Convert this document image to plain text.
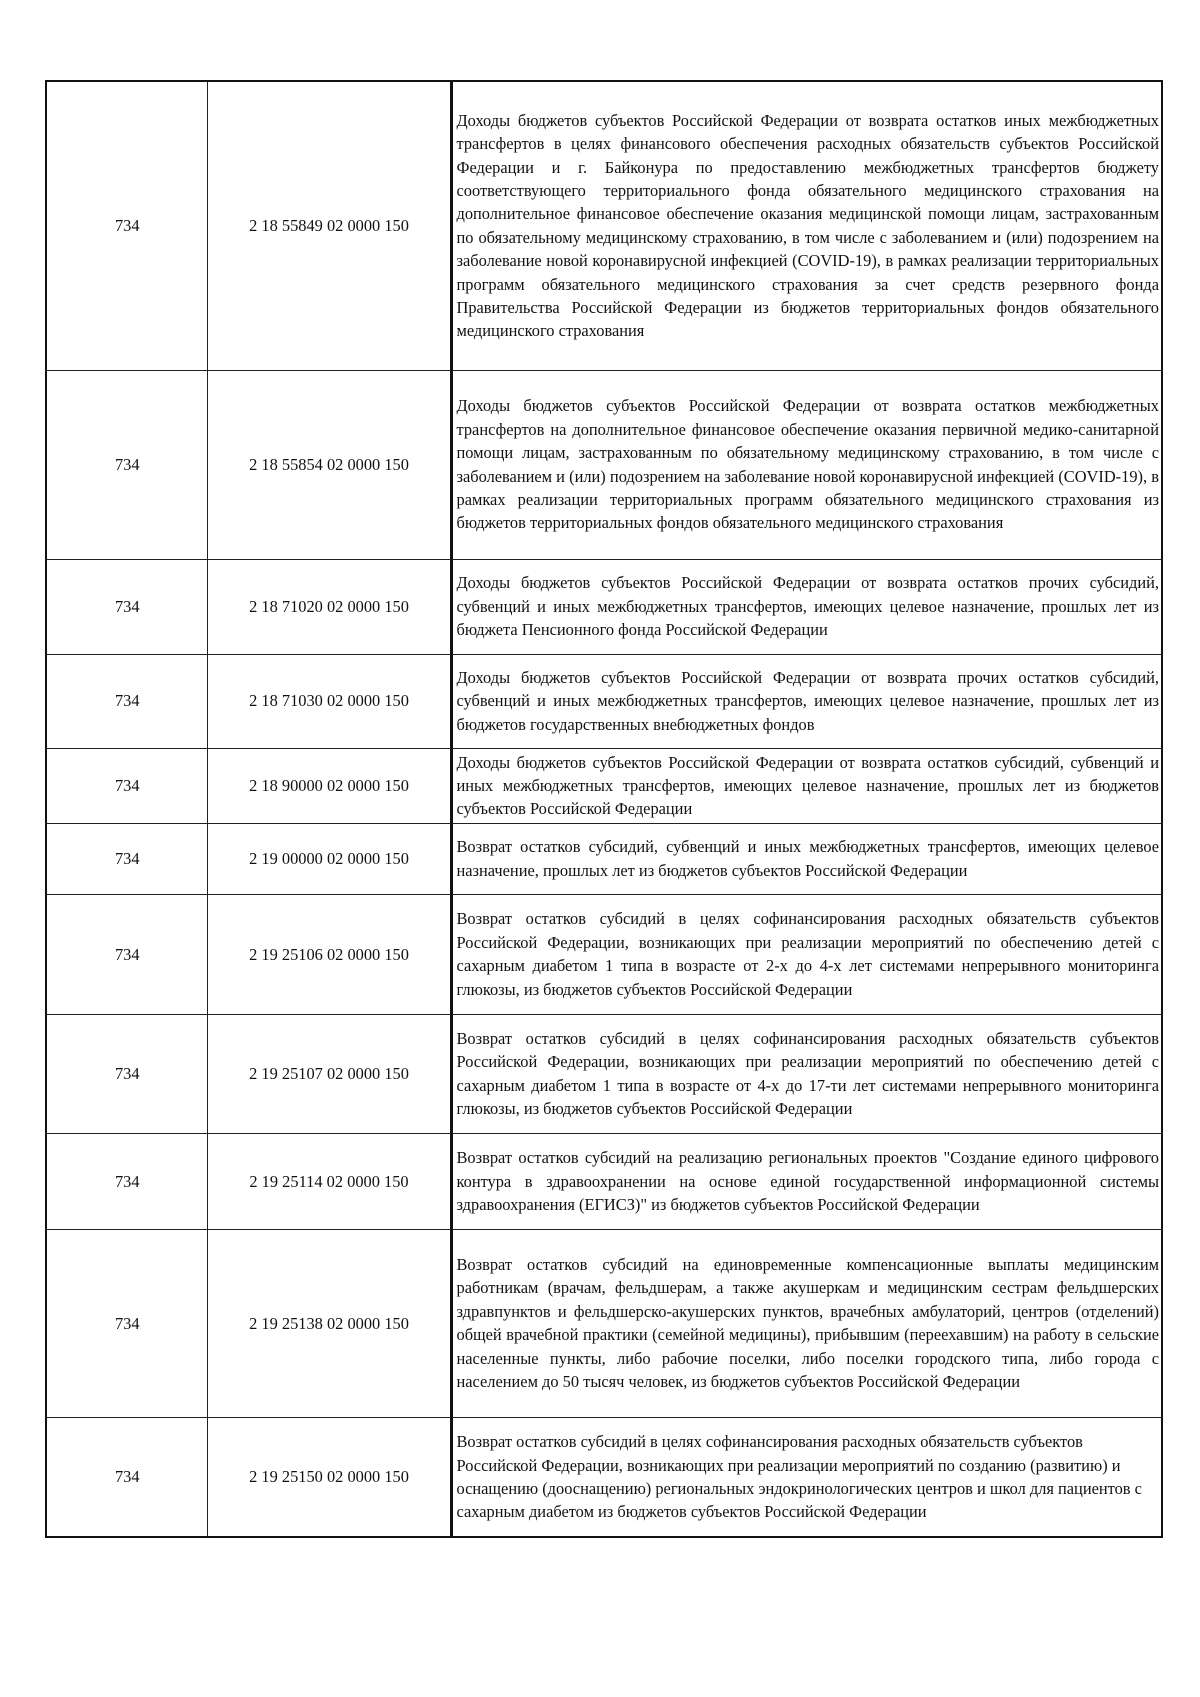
734	2 18 55849 02 0000 150	Доходы бюджетов субъектов Российской Федерации от возврата остатков иных межбюджетных трансфертов в целях финансового обеспечения расходных обязательств субъектов Российской Федерации и г. Байконура по предоставлению межбюджетных трансфертов бюджету соответствующего территориального фонда обязательного медицинского страхования на дополнительное финансовое обеспечение оказания медицинской помощи лицам, застрахованным по обязательному медицинскому страхованию, в том числе с заболеванием и (или) подозрением на заболевание новой коронавирусной инфекцией (COVID-19), в рамках реализации территориальных программ обязательного медицинского страхования за счет средств резервного фонда Правительства Российской Федерации из бюджетов территориальных фондов обязательного медицинского страхования
734	2 18 55854 02 0000 150	Доходы бюджетов субъектов Российской Федерации от возврата остатков межбюджетных трансфертов на дополнительное финансовое обеспечение оказания первичной медико-санитарной помощи лицам, застрахованным по обязательному медицинскому страхованию, в том числе с заболеванием и (или) подозрением на заболевание новой коронавирусной инфекцией (COVID-19), в рамках реализации территориальных программ обязательного медицинского страхования из бюджетов территориальных фондов обязательного медицинского страхования
734	2 18 71020 02 0000 150	Доходы бюджетов субъектов Российской Федерации от возврата остатков прочих субсидий, субвенций и иных межбюджетных трансфертов, имеющих целевое назначение, прошлых лет из бюджета Пенсионного фонда Российской Федерации
734	2 18 71030 02 0000 150	Доходы бюджетов субъектов Российской Федерации от возврата прочих остатков субсидий, субвенций и иных межбюджетных трансфертов, имеющих целевое назначение, прошлых лет из бюджетов государственных внебюджетных фондов
734	2 18 90000 02 0000 150	Доходы бюджетов субъектов Российской Федерации от возврата остатков субсидий, субвенций и иных межбюджетных трансфертов, имеющих целевое назначение, прошлых лет из бюджетов субъектов Российской Федерации
734	2 19 00000 02 0000 150	Возврат остатков субсидий, субвенций и иных межбюджетных трансфертов, имеющих целевое назначение, прошлых лет из бюджетов субъектов Российской Федерации
734	2 19 25106 02 0000 150	Возврат остатков субсидий в целях софинансирования расходных обязательств субъектов Российской Федерации, возникающих при реализации мероприятий по обеспечению детей с сахарным диабетом 1 типа в возрасте от 2-х до 4-х лет системами непрерывного мониторинга глюкозы, из бюджетов субъектов Российской Федерации
734	2 19 25107 02 0000 150	Возврат остатков субсидий в целях софинансирования расходных обязательств субъектов Российской Федерации, возникающих при реализации мероприятий по обеспечению детей с сахарным диабетом 1 типа в возрасте от 4-х до 17-ти лет системами непрерывного мониторинга глюкозы, из бюджетов субъектов Российской Федерации
734	2 19 25114 02 0000 150	Возврат остатков субсидий на реализацию региональных проектов "Создание единого цифрового контура в здравоохранении на основе единой государственной информационной системы здравоохранения (ЕГИСЗ)" из бюджетов субъектов Российской Федерации
734	2 19 25138 02 0000 150	Возврат остатков субсидий на единовременные компенсационные выплаты медицинским работникам (врачам, фельдшерам, а также акушеркам и медицинским сестрам фельдшерских здравпунктов и фельдшерско-акушерских пунктов, врачебных амбулаторий, центров (отделений) общей врачебной практики (семейной медицины), прибывшим (переехавшим) на работу в сельские населенные пункты, либо рабочие поселки, либо поселки городского типа, либо города с населением до 50 тысяч человек, из бюджетов субъектов Российской Федерации
734	2 19 25150 02 0000 150	Возврат остатков субсидий в целях софинансирования расходных обязательств субъектов Российской Федерации, возникающих при реализации мероприятий по созданию (развитию) и оснащению (дооснащению) региональных эндокринологических центров и школ для пациентов с сахарным диабетом из бюджетов субъектов Российской Федерации
